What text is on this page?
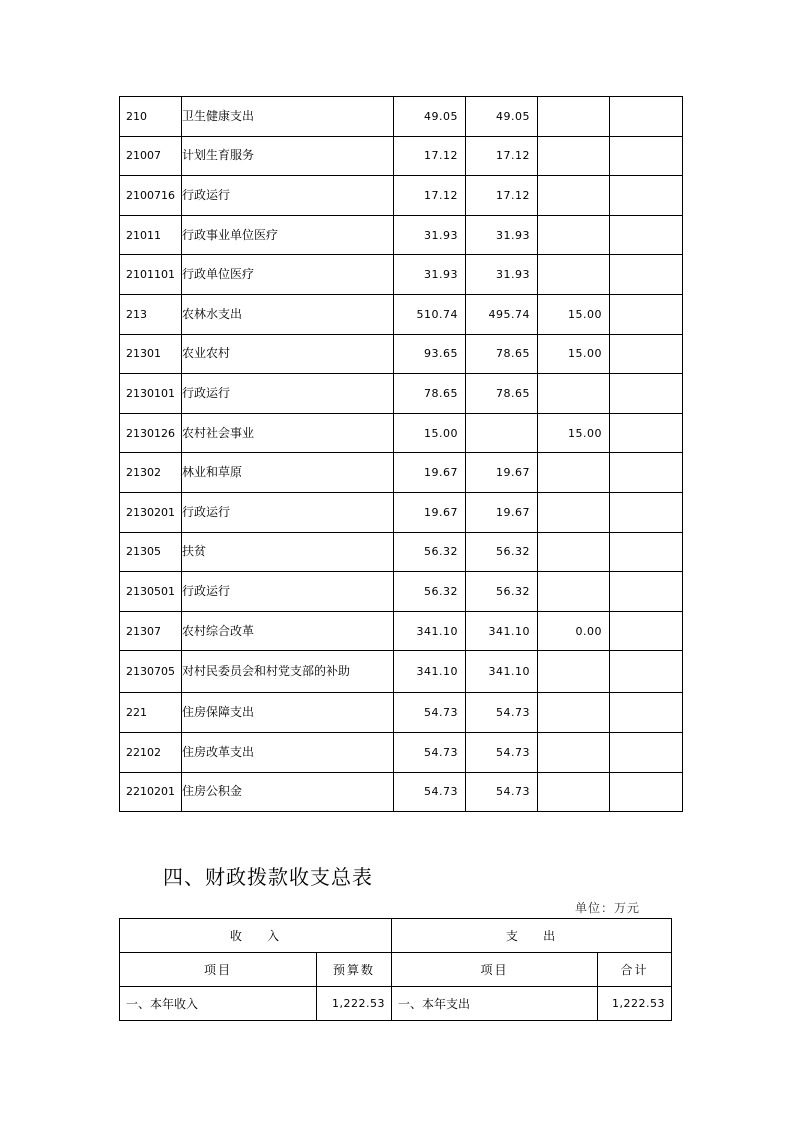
210	卫生健康支出	49.05	49.05		
21007	计划生育服务	17.12	17.12		
2100716	行政运行	17.12	17.12		
21011	行政事业单位医疗	31.93	31.93		
2101101	行政单位医疗	31.93	31.93		
213	农林水支出	510.74	495.74	15.00	
21301	农业农村	93.65	78.65	15.00	
2130101	行政运行	78.65	78.65		
2130126	农村社会事业	15.00		15.00	
21302	林业和草原	19.67	19.67		
2130201	行政运行	19.67	19.67		
21305	扶贫	56.32	56.32		
2130501	行政运行	56.32	56.32		
21307	农村综合改革	341.10	341.10	0.00	
2130705	对村民委员会和村党支部的补助	341.10	341.10		
221	住房保障支出	54.73	54.73		
22102	住房改革支出	54.73	54.73		
2210201	住房公积金	54.73	54.73		
四、财政拨款收支总表
单位：万元
收    入		支    出	
项目	预算数	项目	合计
一、本年收入	1,222.53	一、本年支出	1,222.53
